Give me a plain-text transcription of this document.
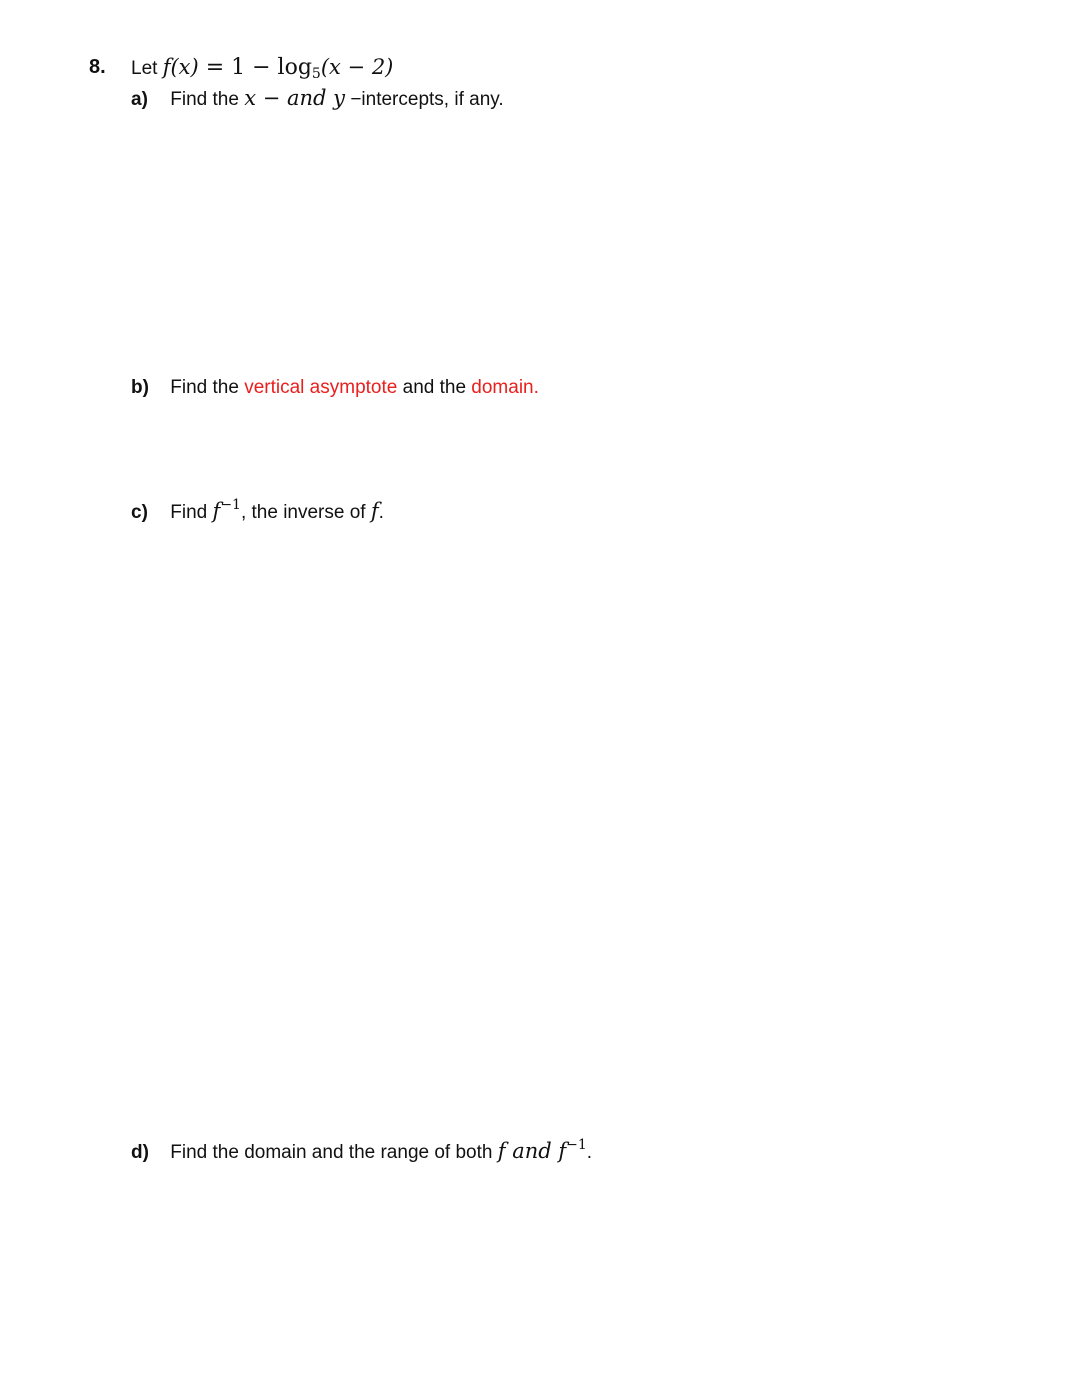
8. Let $f(x) = 1 - \log_5(x - 2)$
a) Find the x − and y −intercepts, if any.
b) Find the vertical asymptote and the domain.
c) Find $f^{-1}$, the inverse of f.
d) Find the domain and the range of both f and $f^{-1}$.
